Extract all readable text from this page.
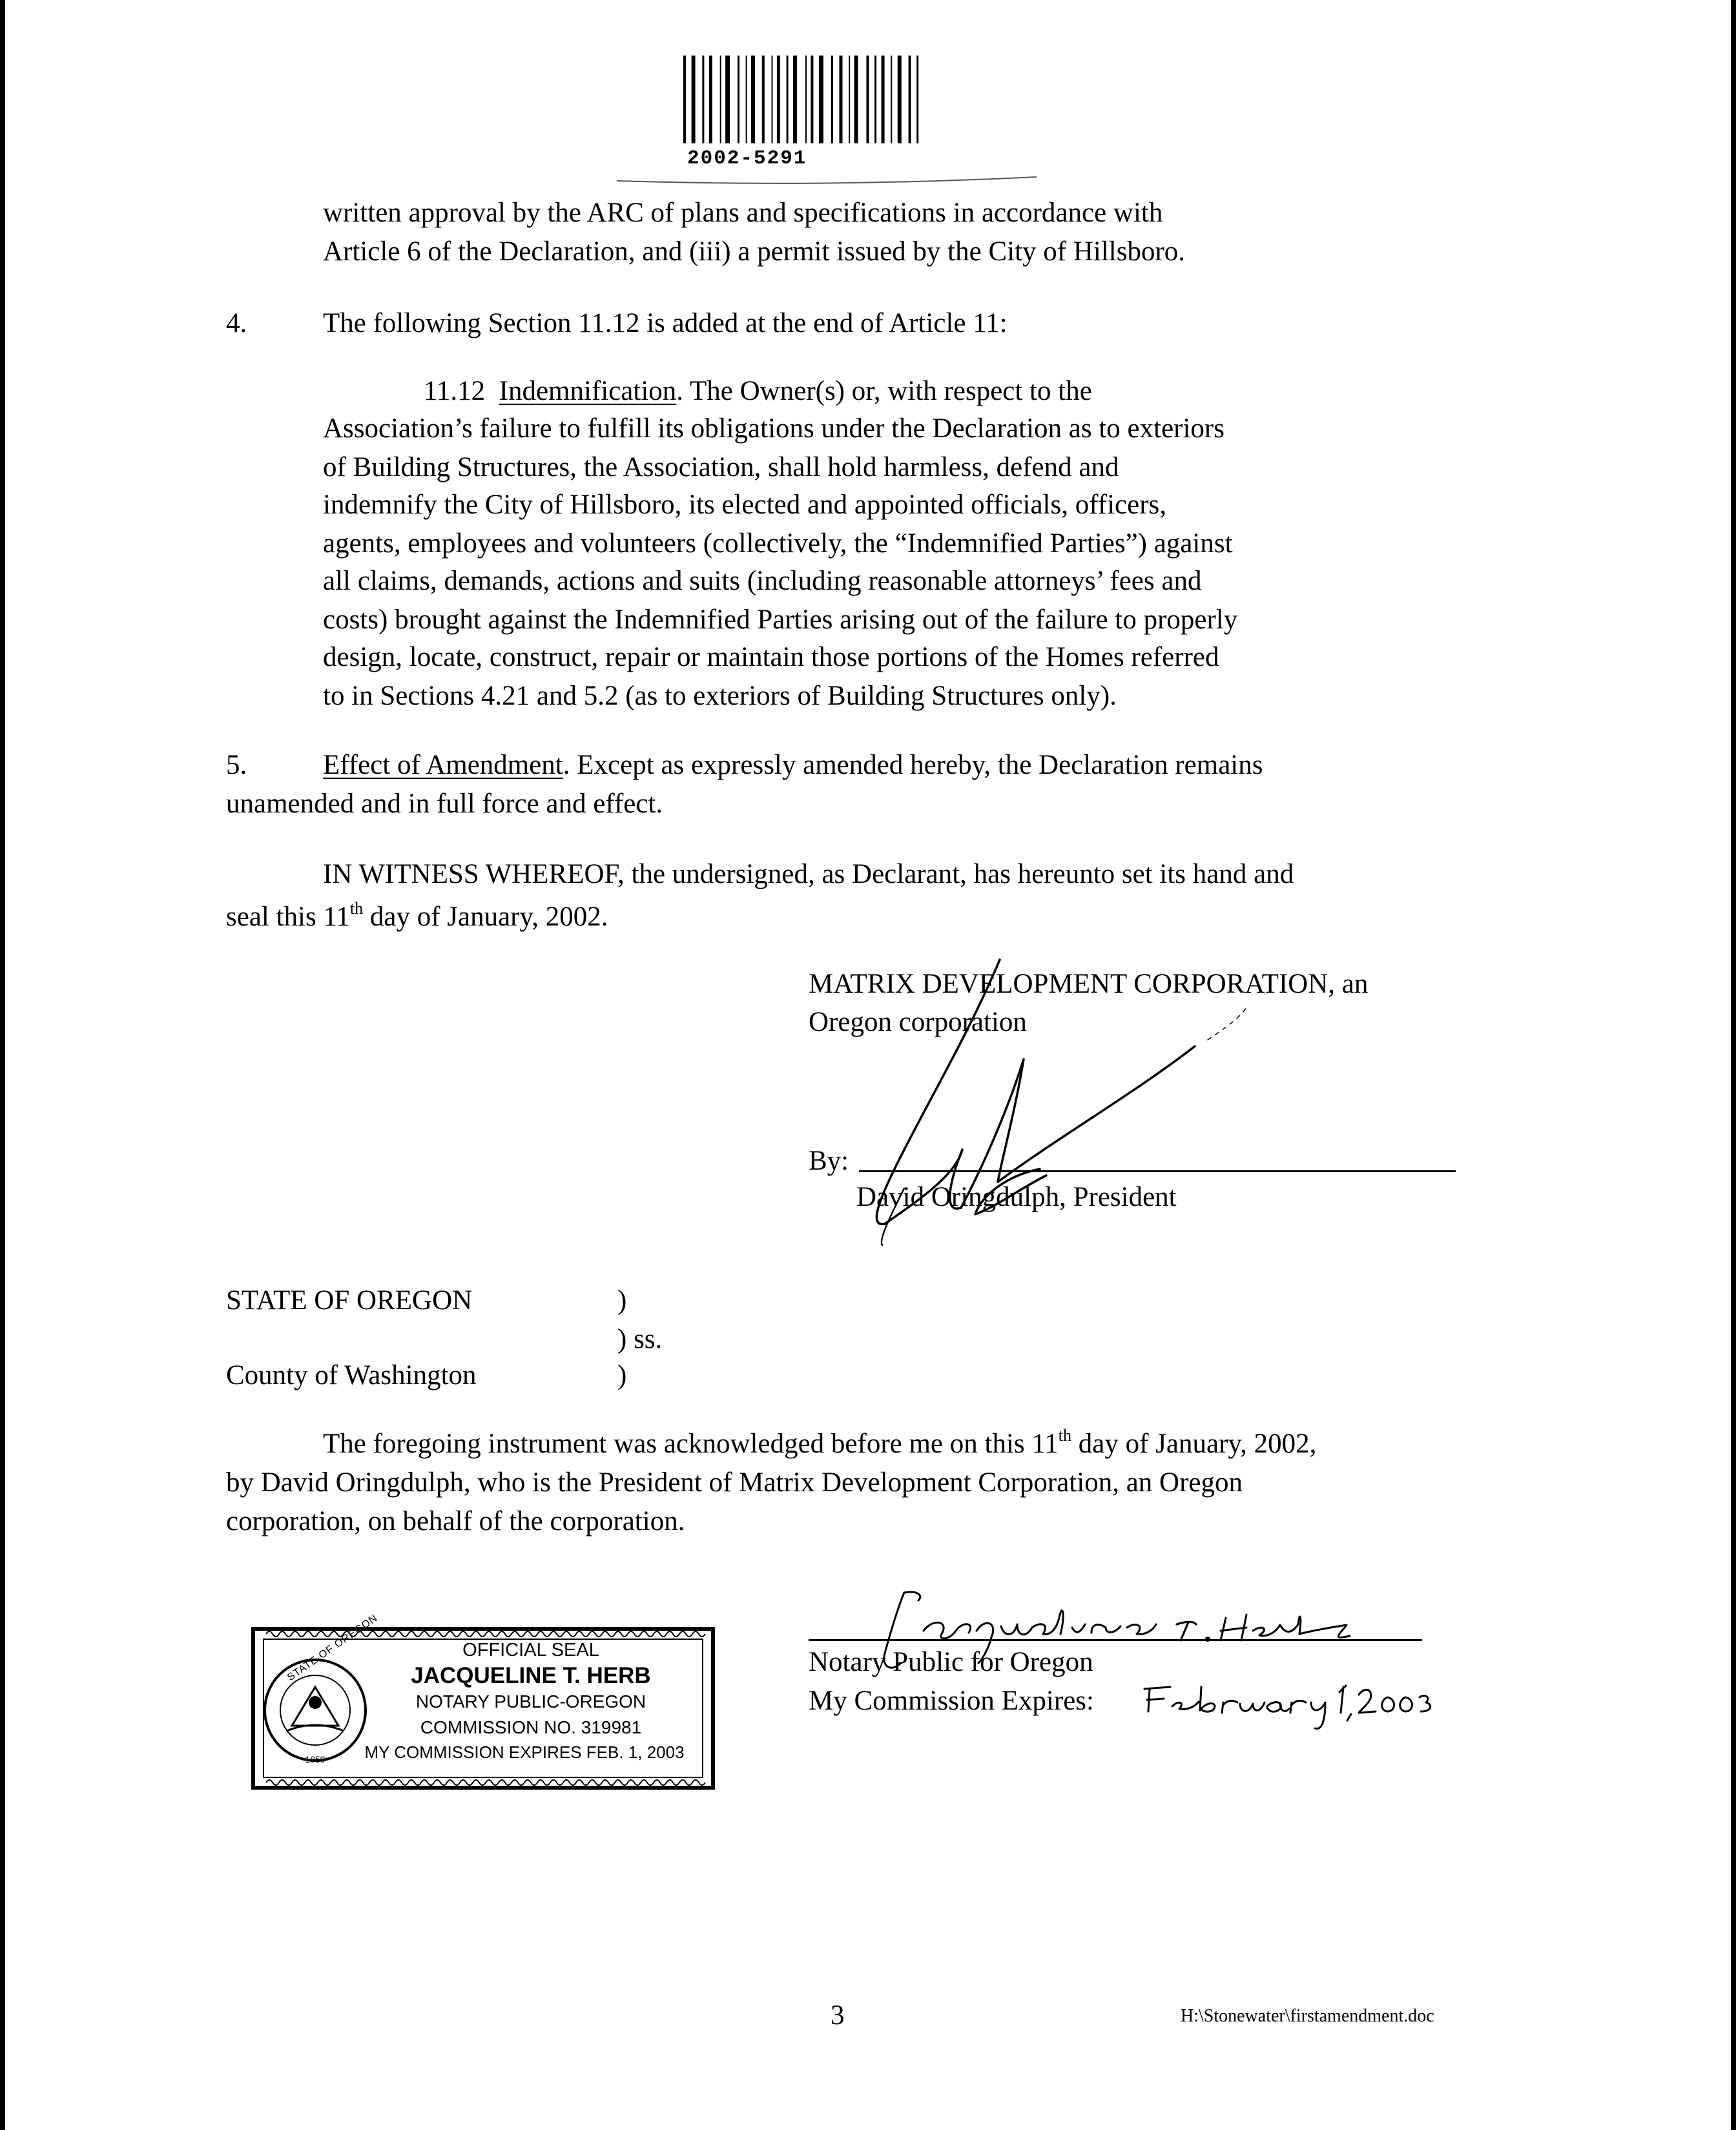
2002-5291

written approval by the ARC of plans and specifications in accordance with

Article 6 of the Declaration, and (iii) a permit issued by the City of Hillsboro.

4.	The following Section 11.12 is added at the end of Article 11:

11.12 Indemnification. The Owner(s) or, with respect to the

Association’s failure to fulfill its obligations under the Declaration as to exteriors

of Building Structures, the Association, shall hold harmless, defend and

indemnify the City of Hillsboro, its elected and appointed officials, officers,

agents, employees and volunteers (collectively, the “Indemnified Parties”) against

all claims, demands, actions and suits (including reasonable attorneys’ fees and

costs) brought against the Indemnified Parties arising out of the failure to properly

design, locate, construct, repair or maintain those portions of the Homes referred

to in Sections 4.21 and 5.2 (as to exteriors of Building Structures only).

5.	Effect of Amendment. Except as expressly amended hereby, the Declaration remains

unamended and in full force and effect.

IN WITNESS WHEREOF, the undersigned, as Declarant, has hereunto set its hand and

seal this 11th day of January, 2002.

MATRIX DEVELOPMENT CORPORATION, an

Oregon corporation

By:

David Oringdulph, President

STATE OF OREGON	)

) ss.

County of Washington	)

The foregoing instrument was acknowledged before me on this 11th day of January, 2002,

by David Oringdulph, who is the President of Matrix Development Corporation, an Oregon

corporation, on behalf of the corporation.

Notary Public for Oregon

My Commission Expires:

STATE OF OREGON
1859
OFFICIAL SEAL
JACQUELINE T. HERB
NOTARY PUBLIC-OREGON
COMMISSION NO. 319981
MY COMMISSION EXPIRES FEB. 1, 2003
3	H:\Stonewater\firstamendment.doc
